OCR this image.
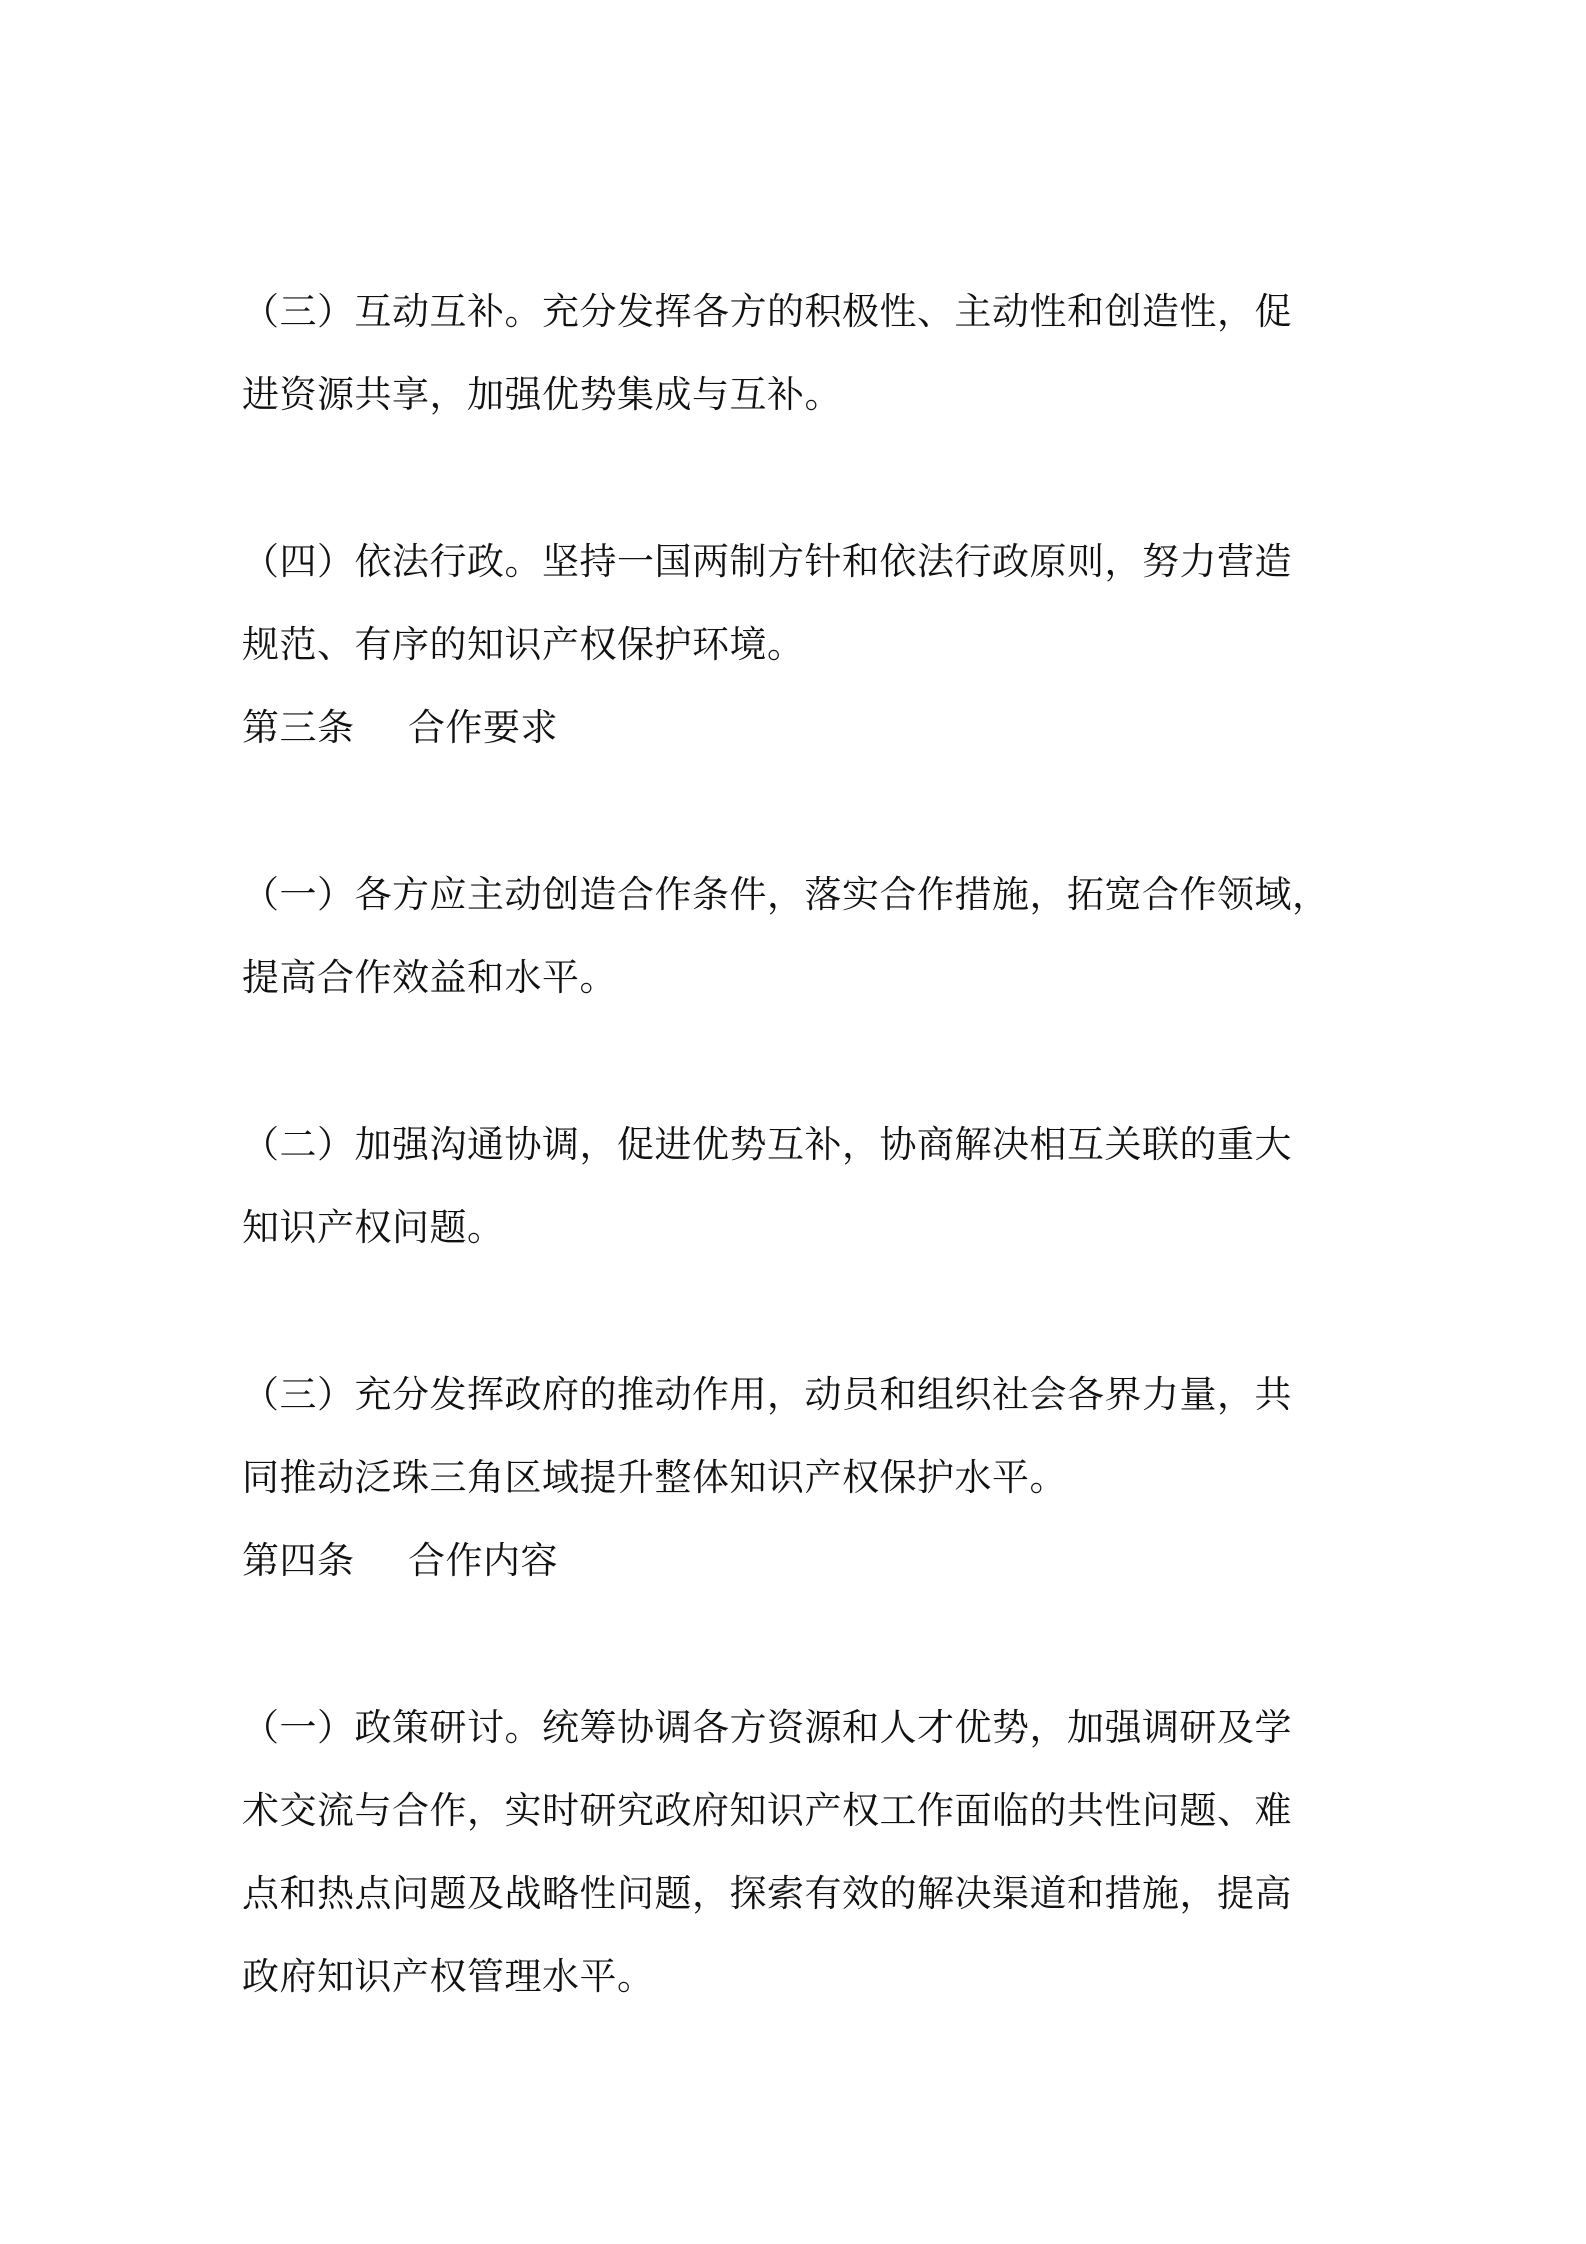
（三）互动互补。充分发挥各方的积极性、主动性和创造性，促
进资源共享，加强优势集成与互补。
（四）依法行政。坚持一国两制方针和依法行政原则，努力营造
规范、有序的知识产权保护环境。
第三条 合作要求
（一）各方应主动创造合作条件，落实合作措施，拓宽合作领域，
提高合作效益和水平。
（二）加强沟通协调，促进优势互补，协商解决相互关联的重大
知识产权问题。
（三）充分发挥政府的推动作用，动员和组织社会各界力量，共
同推动泛珠三角区域提升整体知识产权保护水平。
第四条 合作内容
（一）政策研讨。统筹协调各方资源和人才优势，加强调研及学
术交流与合作，实时研究政府知识产权工作面临的共性问题、难
点和热点问题及战略性问题，探索有效的解决渠道和措施，提高
政府知识产权管理水平。
